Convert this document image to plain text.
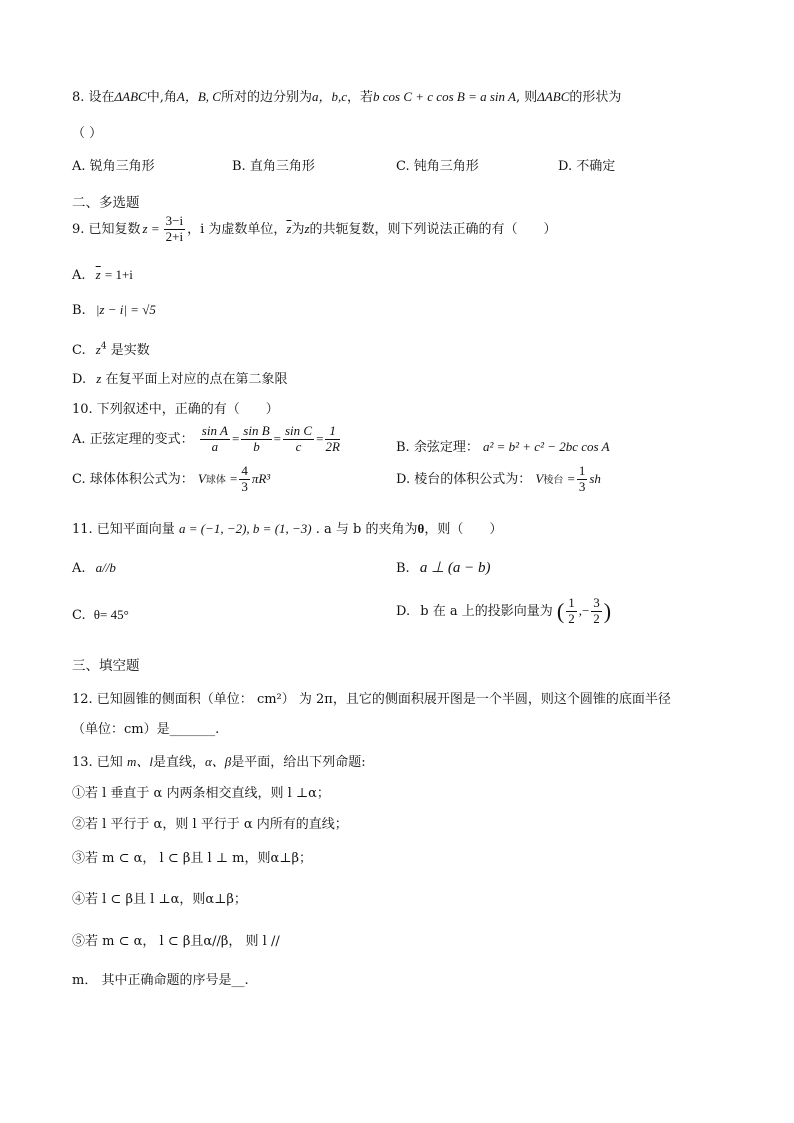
8. 设在ΔABC中,角A，B, C所对的边分别为a，b,c，若b cos C + c cos B = a sin A, 则ΔABC的形状为
（ ）
A. 锐角三角形	B. 直角三角形	C. 钝角三角形	D. 不确定
二、多选题
9. 已知复数 $z = \frac{3-i}{2+i}$ ，i 为虚数单位，$\overline{z}$为z的共轭复数，则下列说法正确的有（　　）
A. $\overline{z} = 1+i$
B. |z − i| = √5
C. $z^4$ 是实数
D. z 在复平面上对应的点在第二象限
10. 下列叙述中，正确的有（　　）
A. 正弦定理的变式： $\frac{\text{sin A}}{a} = \frac{\text{sin B}}{b} = \frac{\text{sin C}}{c} = \frac{1}{2R}$	B. 余弦定理： a² = b² + c² − 2bc cos A
C. 球体体积公式为： V球体 = $\frac{4}{3} \pi R^3$	D. 棱台的体积公式为： V棱台 = $\frac{1}{3}$ sh
11. 已知平面向量 a = (−1, −2), b = (1, −3) . a 与 b 的夹角为θ，则（　　）
A. a//b	B. a ⊥ (a − b)
C. θ= 45°	D. b 在 a 上的投影向量为 ( $\frac{1}{2}$ ,− $\frac{3}{2}$ )
三、填空题
12. 已知圆锥的侧面积（单位： cm²） 为 2π，且它的侧面积展开图是一个半圆，则这个圆锥的底面半径
（单位：cm）是_______.
13. 已知 m、l是直线，α、β是平面，给出下列命题:
①若 l 垂直于 α 内两条相交直线，则 l ⊥α；
②若 l 平行于 α，则 l 平行于 α 内所有的直线；
③若 m ⊂ α， l ⊂ β且 l ⊥ m，则α⊥β；
④若 l ⊂ β且 l ⊥α，则α⊥β；
⑤若 m ⊂ α， l ⊂ β且α//β， 则 l //
m． 其中正确命题的序号是__.
